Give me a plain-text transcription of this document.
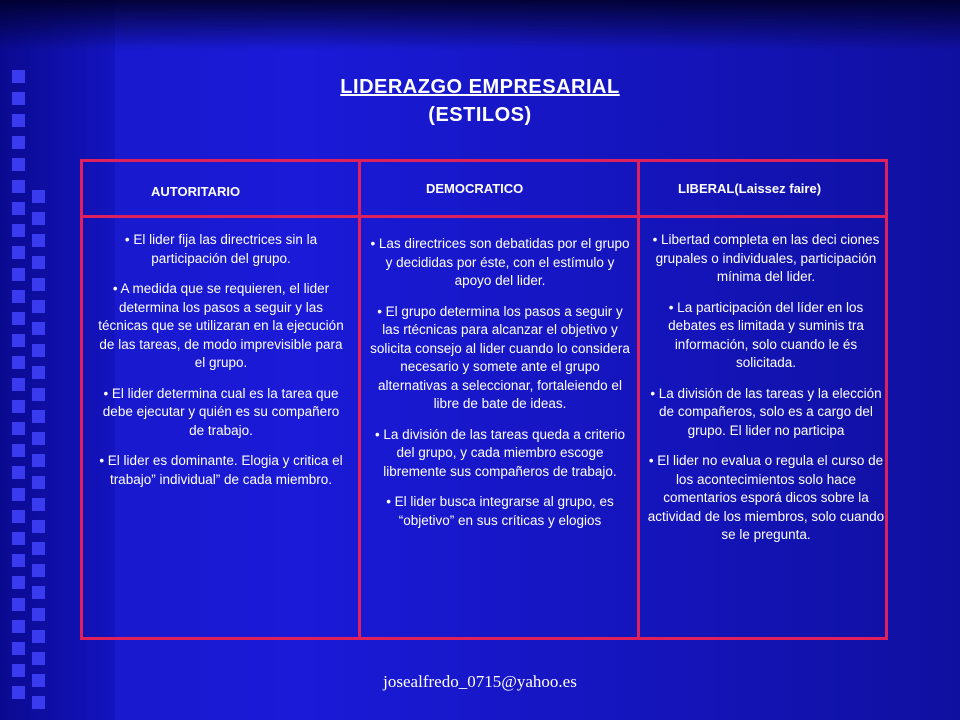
LIDERAZGO EMPRESARIAL
(ESTILOS)
AUTORITARIO	DEMOCRATICO	LIBERAL(Laissez faire)

• El lider fija las directrices sin la participación del grupo.

• A medida que se requieren, el lider determina los pasos a seguir y las técnicas que se utilizaran en la ejecución de las tareas, de modo imprevisible para el grupo.

• El lider determina cual es la tarea que debe ejecutar y quién es su compañero de trabajo.

• El lider es dominante. Elogia y critica el trabajo” individual” de cada miembro.

• Las directrices son debatidas por el grupo y decididas por éste, con el estímulo y apoyo del lider.

• El grupo determina los pasos a seguir y las rtécnicas para alcanzar el objetivo y solicita consejo al lider cuando lo considera necesario y somete ante el grupo alternativas a seleccionar, fortaleiendo el libre de bate de ideas.

• La división de las tareas queda a criterio del grupo, y cada miembro escoge libremente sus compañeros de trabajo.

• El lider busca integrarse al grupo, es “objetivo” en sus críticas y elogios

• Libertad completa en las deci ciones grupales o individuales, participación mínima del lider.

• La participación del líder en los debates es limitada y suminis tra información, solo cuando le és solicitada.

• La división de las tareas y la elección de compañeros, solo es a cargo del grupo. El lider no participa

• El lider no evalua o regula el curso de los acontecimientos solo hace comentarios esporá dicos sobre la actividad de los miembros, solo cuando se le pregunta.

josealfredo_0715@yahoo.es
